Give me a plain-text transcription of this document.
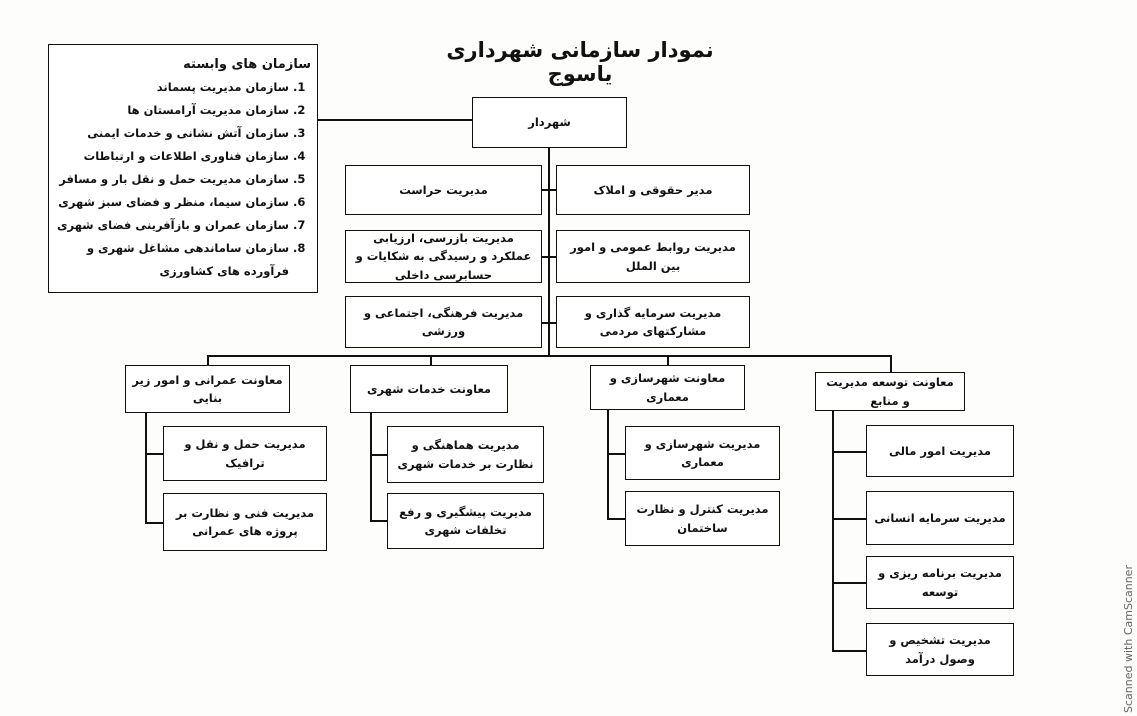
نمودار سازمانی شهرداری یاسوج
سازمان های وابسته
1. سازمان مدیریت پسماند
2. سازمان مدیریت آرامستان ها
3. سازمان آتش نشانی و خدمات ایمنی
4. سازمان فناوری اطلاعات و ارتباطات
5. سازمان مدیریت حمل و نقل بار و مسافر
6. سازمان سیما، منظر و فضای سبز شهری
7. سازمان عمران و بازآفرینی فضای شهری
8. سازمان ساماندهی مشاغل شهری و فرآورده های کشاورزی
شهردار
مدیر حقوقی و املاک
مدیریت روابط عمومی و امور بین الملل
مدیریت سرمایه گذاری و مشارکتهای مردمی
مدیریت حراست
مدیریت بازرسی، ارزیابی عملکرد و رسیدگی به شکایات و حسابرسی داخلی
مدیریت فرهنگی، اجتماعی و ورزشی
معاونت توسعه مدیریت و منابع
معاونت شهرسازی و معماری
معاونت خدمات شهری
معاونت عمرانی و امور زیر بنایی
مدیریت امور مالی
مدیریت سرمایه انسانی
مدیریت برنامه ریزی و توسعه
مدیریت تشخیص و وصول درآمد
مدیریت شهرسازی و معماری
مدیریت کنترل و نظارت ساختمان
مدیریت هماهنگی و نظارت بر خدمات شهری
مدیریت پیشگیری و رفع تخلفات شهری
مدیریت حمل و نقل و ترافیک
مدیریت فنی و نظارت بر پروژه های عمرانی
Scanned with CamScanner
